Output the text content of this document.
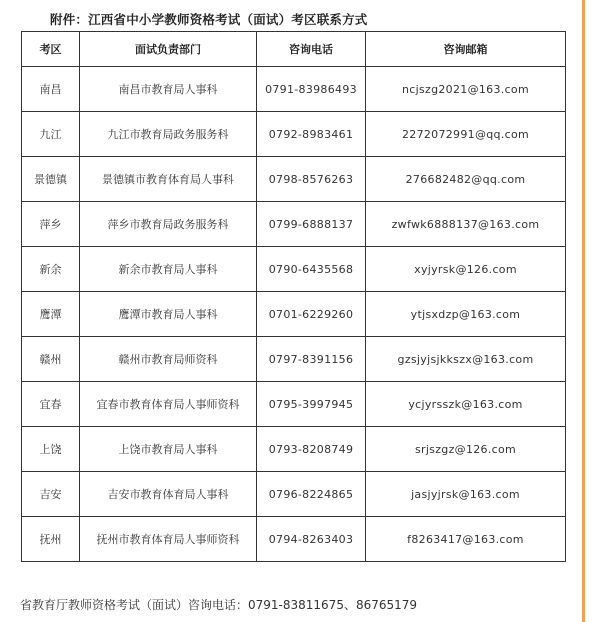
附件：江西省中小学教师资格考试（面试）考区联系方式
考区	面试负责部门	咨询电话	咨询邮箱
南昌	南昌市教育局人事科	0791-83986493	ncjszg2021@163.com
九江	九江市教育局政务服务科	0792-8983461	2272072991@qq.com
景德镇	景德镇市教育体育局人事科	0798-8576263	276682482@qq.com
萍乡	萍乡市教育局政务服务科	0799-6888137	zwfwk6888137@163.com
新余	新余市教育局人事科	0790-6435568	xyjyrsk@126.com
鹰潭	鹰潭市教育局人事科	0701-6229260	ytjsxdzp@163.com
赣州	赣州市教育局师资科	0797-8391156	gzsjyjsjkkszx@163.com
宜春	宜春市教育体育局人事师资科	0795-3997945	ycjyrsszk@163.com
上饶	上饶市教育局人事科	0793-8208749	srjszgz@126.com
吉安	吉安市教育体育局人事科	0796-8224865	jasjyjrsk@163.com
抚州	抚州市教育体育局人事师资科	0794-8263403	f8263417@163.com
省教育厅教师资格考试（面试）咨询电话：0791-83811675、86765179
